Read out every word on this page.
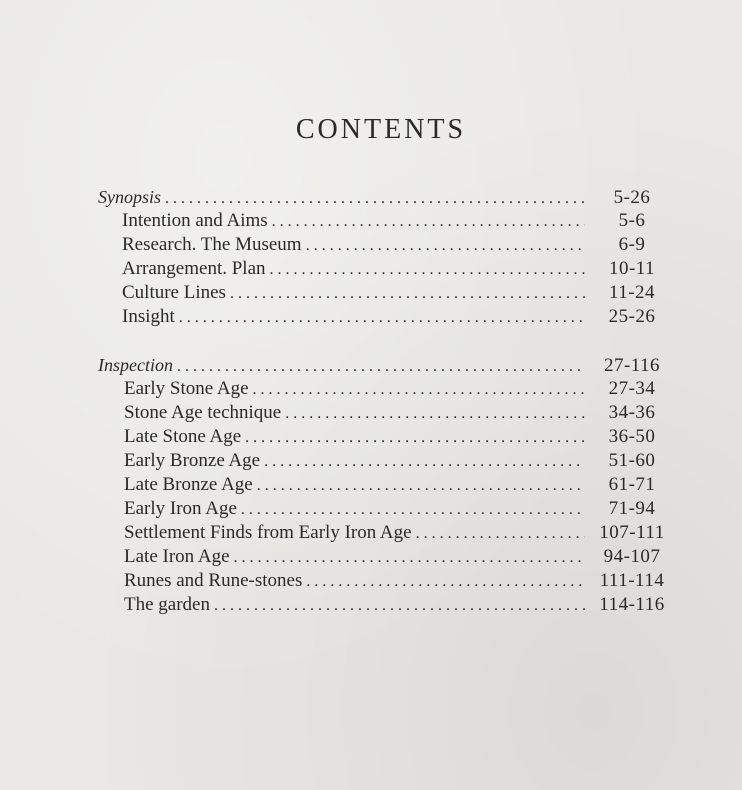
CONTENTS
Synopsis . . .	5-26
Intention and Aims . . .	5-6
Research. The Museum . . .	6-9
Arrangement. Plan . . .	10-11
Culture Lines . . .	11-24
Insight . . .	25-26
Inspection . . .	27-116
Early Stone Age . . .	27-34
Stone Age technique . . .	34-36
Late Stone Age . . .	36-50
Early Bronze Age . . .	51-60
Late Bronze Age . . .	61-71
Early Iron Age . . .	71-94
Settlement Finds from Early Iron Age . . .	107-111
Late Iron Age . . .	94-107
Runes and Rune-stones . . .	111-114
The garden . . .	114-116
